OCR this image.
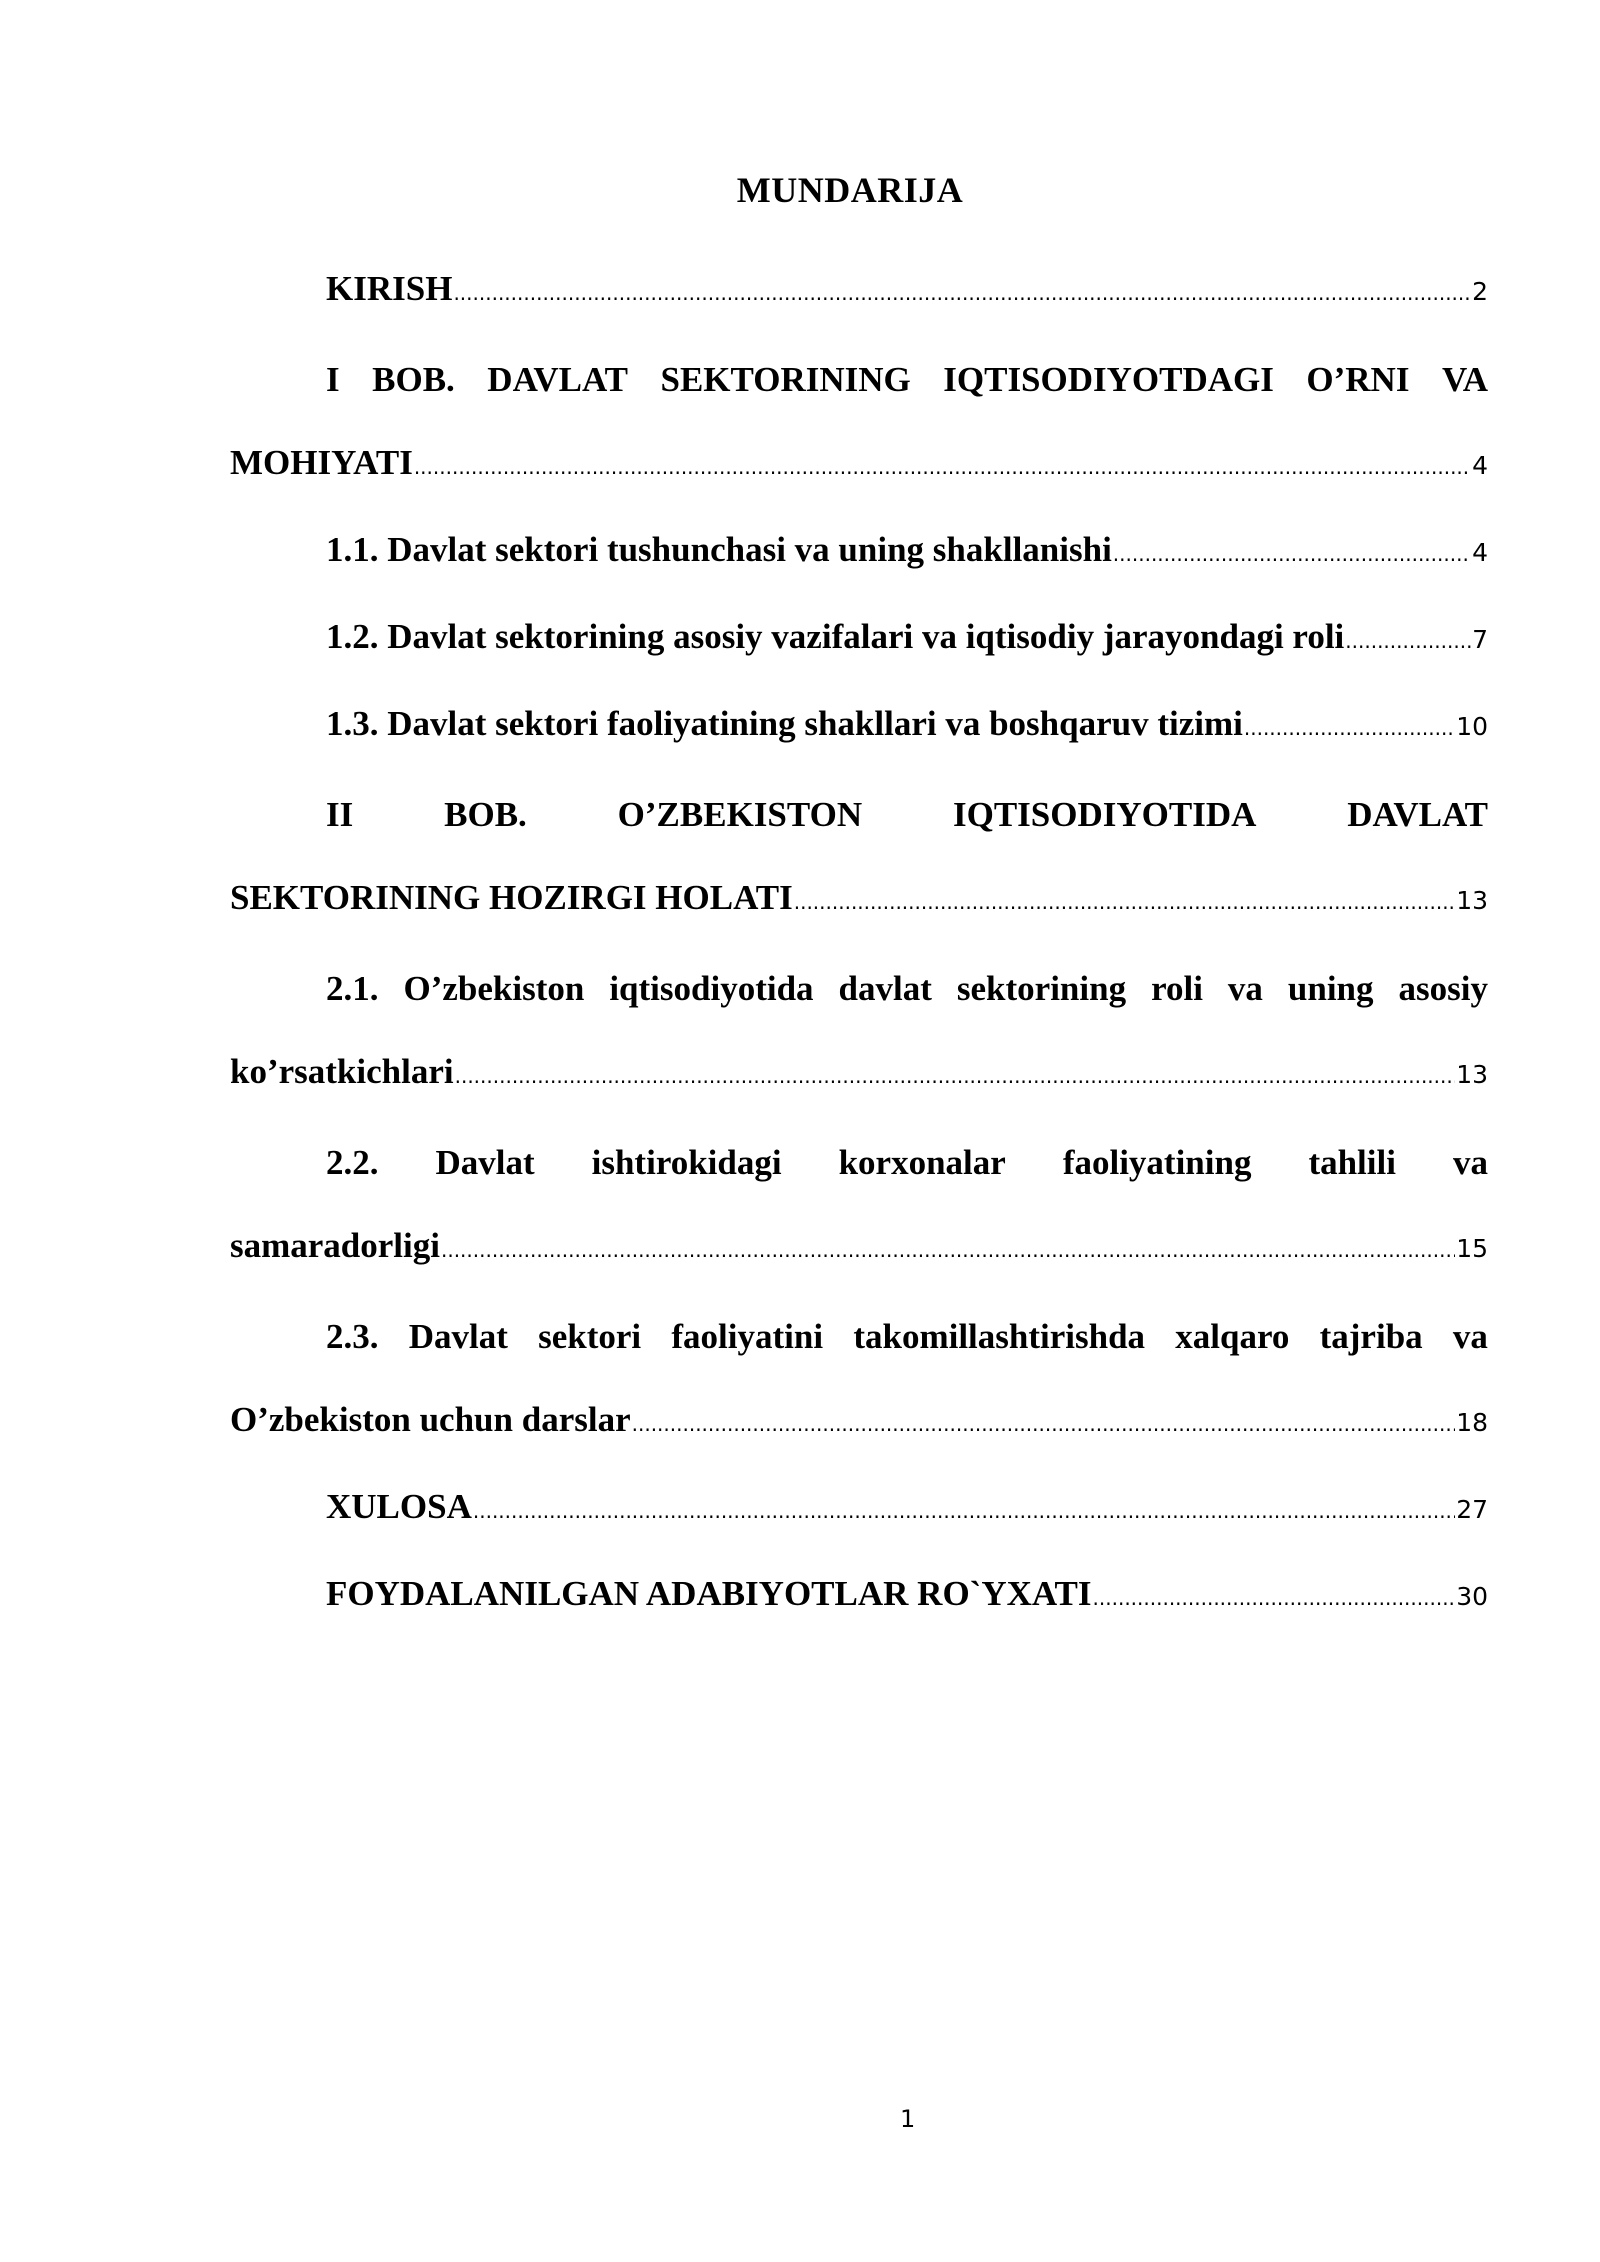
MUNDARIJA
KIRISH .....	2
I BOB. DAVLAT SEKTORINING IQTISODIYOTDAGI O’RNI VA
MOHIYATI .....	4
1.1. Davlat sektori tushunchasi va uning shakllanishi .....	4
1.2. Davlat sektorining asosiy vazifalari va iqtisodiy jarayondagi roli .....	7
1.3. Davlat sektori faoliyatining shakllari va boshqaruv tizimi .....	10
II	BOB.	O’ZBEKISTON	IQTISODIYOTIDA	DAVLAT
SEKTORINING HOZIRGI HOLATI .....	13
2.1. O’zbekiston iqtisodiyotida davlat sektorining roli va uning asosiy
ko’rsatkichlari .....	13
2.2. Davlat ishtirokidagi korxonalar faoliyatining tahlili va
samaradorligi .....	15
2.3. Davlat sektori faoliyatini takomillashtirishda xalqaro tajriba va
O’zbekiston uchun darslar .....	18
XULOSA .....	27
FOYDALANILGAN ADABIYOTLAR RO`YXATI .....	30
1
